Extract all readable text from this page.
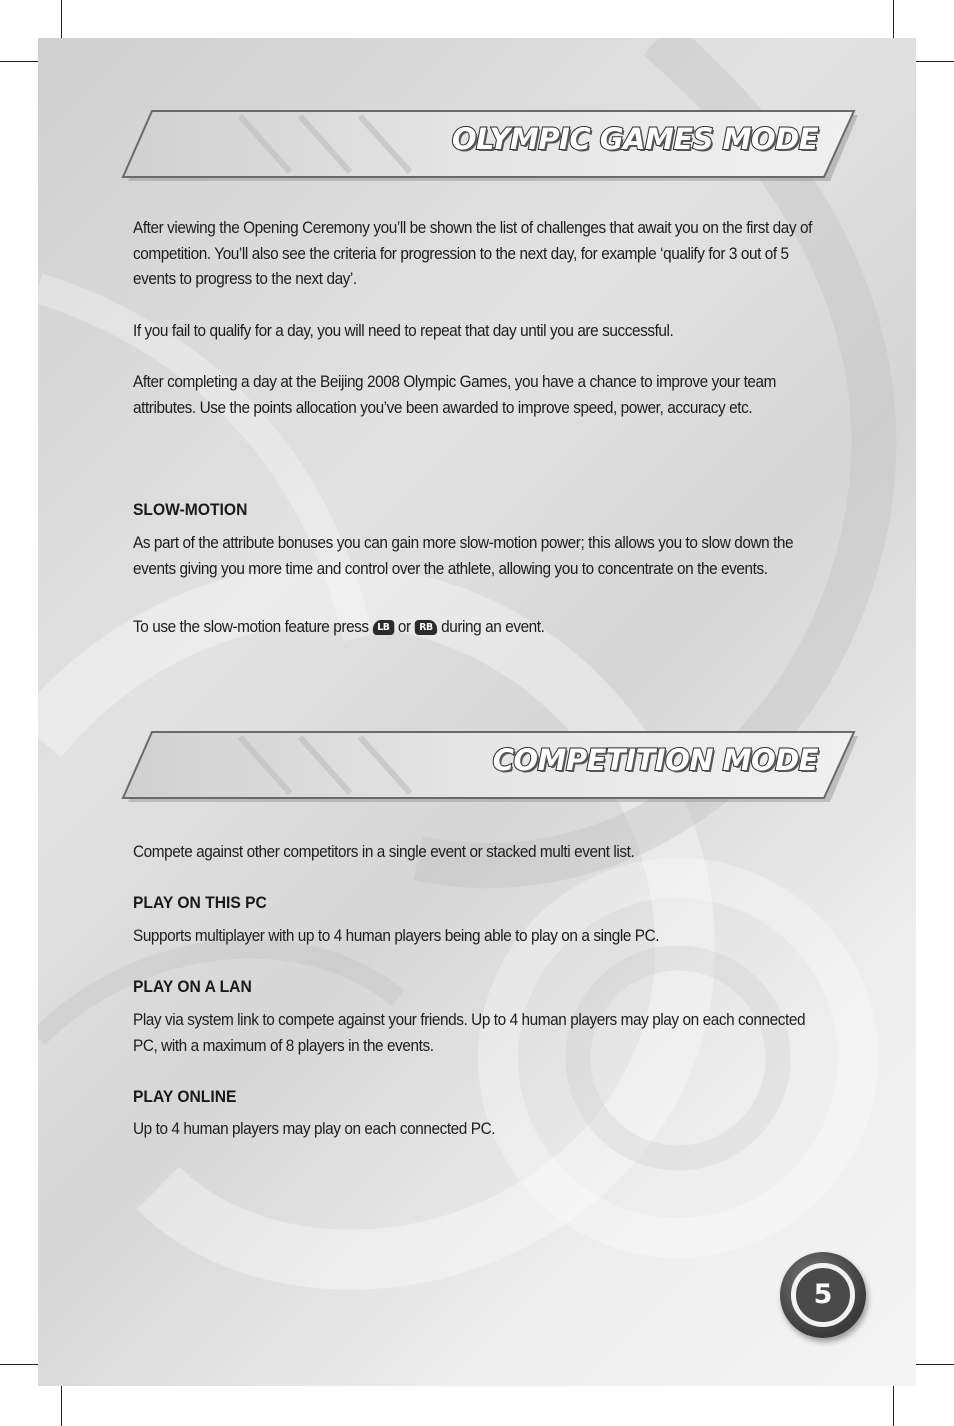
OLYMPIC GAMES MODE

After viewing the Opening Ceremony you’ll be shown the list of challenges that await you on the first day of competition. You’ll also see the criteria for progression to the next day, for example ‘qualify for 3 out of 5 events to progress to the next day’.

If you fail to qualify for a day, you will need to repeat that day until you are successful.

After completing a day at the Beijing 2008 Olympic Games, you have a chance to improve your team attributes. Use the points allocation you’ve been awarded to improve speed, power, accuracy etc.

SLOW-MOTION

As part of the attribute bonuses you can gain more slow-motion power; this allows you to slow down the events giving you more time and control over the athlete, allowing you to concentrate on the events.

To use the slow-motion feature press LB or RB during an event.

COMPETITION MODE

Compete against other competitors in a single event or stacked multi event list.

PLAY ON THIS PC

Supports multiplayer with up to 4 human players being able to play on a single PC.

PLAY ON A LAN

Play via system link to compete against your friends. Up to 4 human players may play on each connected PC, with a maximum of 8 players in the events.

PLAY ONLINE

Up to 4 human players may play on each connected PC.

5
